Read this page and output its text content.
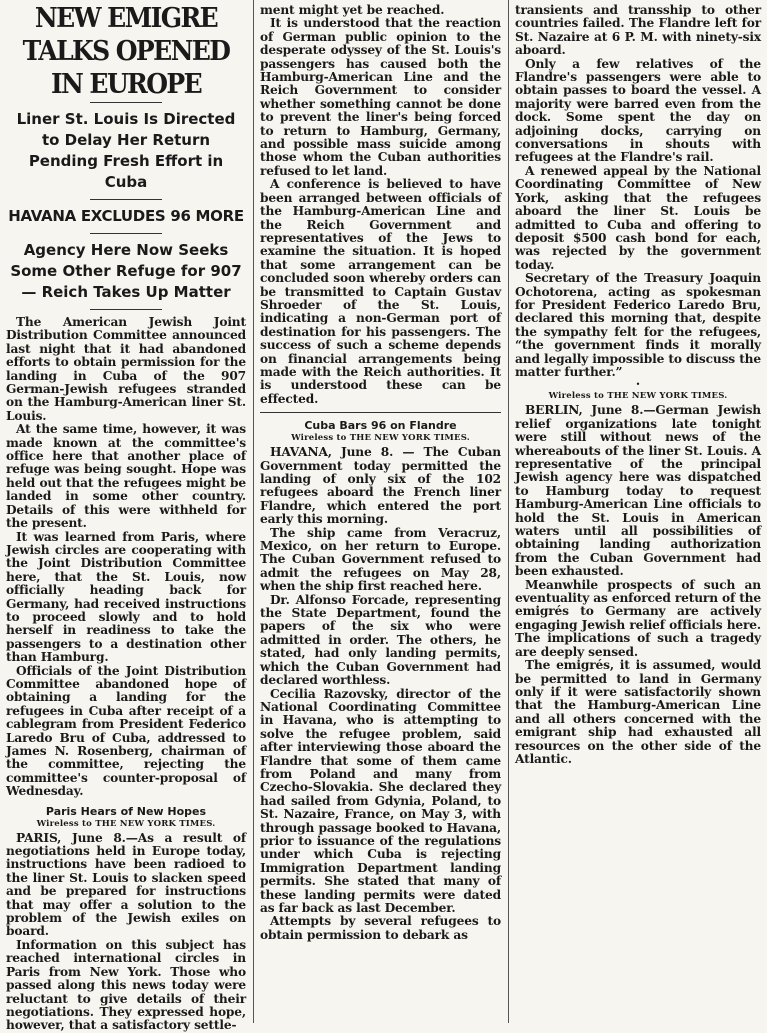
NEW EMIGRE TALKS OPENED IN EUROPE
Liner St. Louis Is Directed to Delay Her Return Pending Fresh Effort in Cuba
HAVANA EXCLUDES 96 MORE
Agency Here Now Seeks Some Other Refuge for 907— Reich Takes Up Matter

The American Jewish Joint Distribution Committee announced last night that it had abandoned efforts to obtain permission for the landing in Cuba of the 907 German-Jewish refugees stranded on the Hamburg-American liner St. Louis.

At the same time, however, it was made known at the committee's office here that another place of refuge was being sought. Hope was held out that the refugees might be landed in some other country. Details of this were withheld for the present.

It was learned from Paris, where Jewish circles are cooperating with the Joint Distribution Committee here, that the St. Louis, now officially heading back for Germany, had received instructions to proceed slowly and to hold herself in readiness to take the passengers to a destination other than Hamburg.

Officials of the Joint Distribution Committee abandoned hope of obtaining a landing for the refugees in Cuba after receipt of a cablegram from President Federico Laredo Bru of Cuba, addressed to James N. Rosenberg, chairman of the committee, rejecting the committee's counter-proposal of Wednesday.

Paris Hears of New Hopes
Wireless to THE NEW YORK TIMES.

PARIS, June 8.—As a result of negotiations held in Europe today, instructions have been radioed to the liner St. Louis to slacken speed and be prepared for instructions that may offer a solution to the problem of the Jewish exiles on board.

Information on this subject has reached international circles in Paris from New York. Those who passed along this news today were reluctant to give details of their negotiations. They expressed hope, however, that a satisfactory settle-

ment might yet be reached.

It is understood that the reaction of German public opinion to the desperate odyssey of the St. Louis's passengers has caused both the Hamburg-American Line and the Reich Government to consider whether something cannot be done to prevent the liner's being forced to return to Hamburg, Germany, and possible mass suicide among those whom the Cuban authorities refused to let land.

A conference is believed to have been arranged between officials of the Hamburg-American Line and the Reich Government and representatives of the Jews to examine the situation. It is hoped that some arrangement can be concluded soon whereby orders can be transmitted to Captain Gustav Shroeder of the St. Louis, indicating a non-German port of destination for his passengers. The success of such a scheme depends on financial arrangements being made with the Reich authorities. It is understood these can be effected.

Cuba Bars 96 on Flandre
Wireless to THE NEW YORK TIMES.

HAVANA, June 8. — The Cuban Government today permitted the landing of only six of the 102 refugees aboard the French liner Flandre, which entered the port early this morning.

The ship came from Veracruz, Mexico, on her return to Europe. The Cuban Government refused to admit the refugees on May 28, when the ship first reached here.

Dr. Alfonso Forcade, representing the State Department, found the papers of the six who were admitted in order. The others, he stated, had only landing permits, which the Cuban Government had declared worthless.

Cecilia Razovsky, director of the National Coordinating Committee in Havana, who is attempting to solve the refugee problem, said after interviewing those aboard the Flandre that some of them came from Poland and many from Czecho-Slovakia. She declared they had sailed from Gdynia, Poland, to St. Nazaire, France, on May 3, with through passage booked to Havana, prior to issuance of the regulations under which Cuba is rejecting Immigration Department landing permits. She stated that many of these landing permits were dated as far back as last December.

Attempts by several refugees to obtain permission to debark as

transients and transship to other countries failed. The Flandre left for St. Nazaire at 6 P. M. with ninety-six aboard.

Only a few relatives of the Flandre's passengers were able to obtain passes to board the vessel. A majority were barred even from the dock. Some spent the day on adjoining docks, carrying on conversations in shouts with refugees at the Flandre's rail.

A renewed appeal by the National Coordinating Committee of New York, asking that the refugees aboard the liner St. Louis be admitted to Cuba and offering to deposit $500 cash bond for each, was rejected by the government today.

Secretary of the Treasury Joaquin Ochotorena, acting as spokesman for President Federico Laredo Bru, declared this morning that, despite the sympathy felt for the refugees, “the government finds it morally and legally impossible to discuss the matter further.”

•
Wireless to THE NEW YORK TIMES.

BERLIN, June 8.—German Jewish relief organizations late tonight were still without news of the whereabouts of the liner St. Louis. A representative of the principal Jewish agency here was dispatched to Hamburg today to request Hamburg-American Line officials to hold the St. Louis in American waters until all possibilities of obtaining landing authorization from the Cuban Government had been exhausted.

Meanwhile prospects of such an eventuality as enforced return of the emigrés to Germany are actively engaging Jewish relief officials here. The implications of such a tragedy are deeply sensed.

The emigrés, it is assumed, would be permitted to land in Germany only if it were satisfactorily shown that the Hamburg-American Line and all others concerned with the emigrant ship had exhausted all resources on the other side of the Atlantic.
